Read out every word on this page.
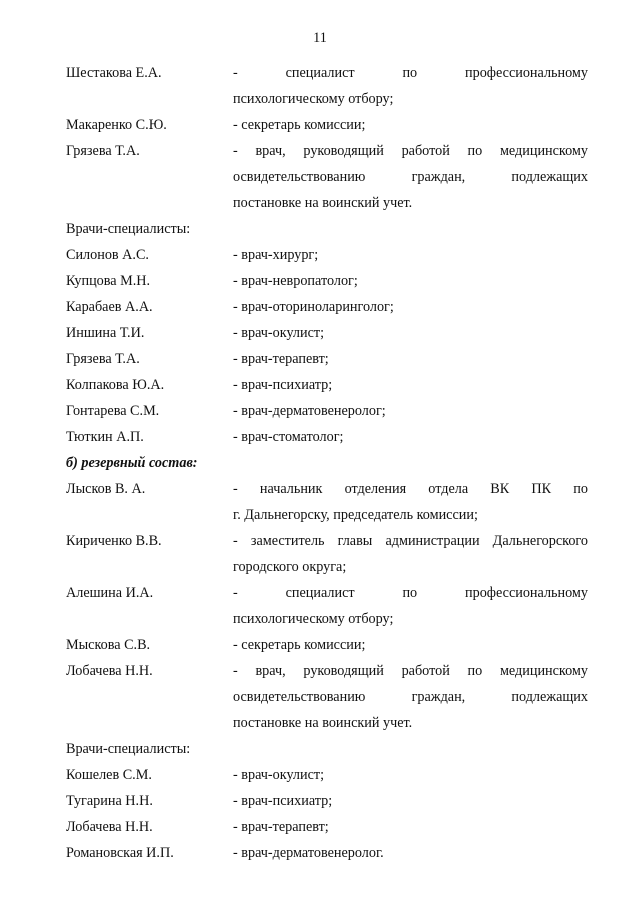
11
Шестакова Е.А.	- специалист по профессиональному
психологическому отбору;
Макаренко С.Ю.	- секретарь комиссии;
Грязева Т.А.	- врач, руководящий работой по медицинскому
освидетельствованию граждан, подлежащих
постановке на воинский учет.
Врачи-специалисты:
Силонов А.С.	- врач-хирург;
Купцова М.Н.	- врач-невропатолог;
Карабаев А.А.	- врач-оториноларинголог;
Иншина Т.И.	- врач-окулист;
Грязева Т.А.	- врач-терапевт;
Колпакова Ю.А.	- врач-психиатр;
Гонтарева С.М.	- врач-дерматовенеролог;
Тюткин А.П.	- врач-стоматолог;
б) резервный состав:
Лысков В. А.	- начальник отделения отдела ВК ПК по
г. Дальнегорску, председатель комиссии;
Кириченко В.В.	- заместитель главы администрации Дальнегорского
городского округа;
Алешина И.А.	- специалист по профессиональному
психологическому отбору;
Мыскова С.В.	- секретарь комиссии;
Лобачева Н.Н.	- врач, руководящий работой по медицинскому
освидетельствованию граждан, подлежащих
постановке на воинский учет.
Врачи-специалисты:
Кошелев С.М.	- врач-окулист;
Тугарина Н.Н.	- врач-психиатр;
Лобачева Н.Н.	- врач-терапевт;
Романовская И.П.	- врач-дерматовенеролог.
